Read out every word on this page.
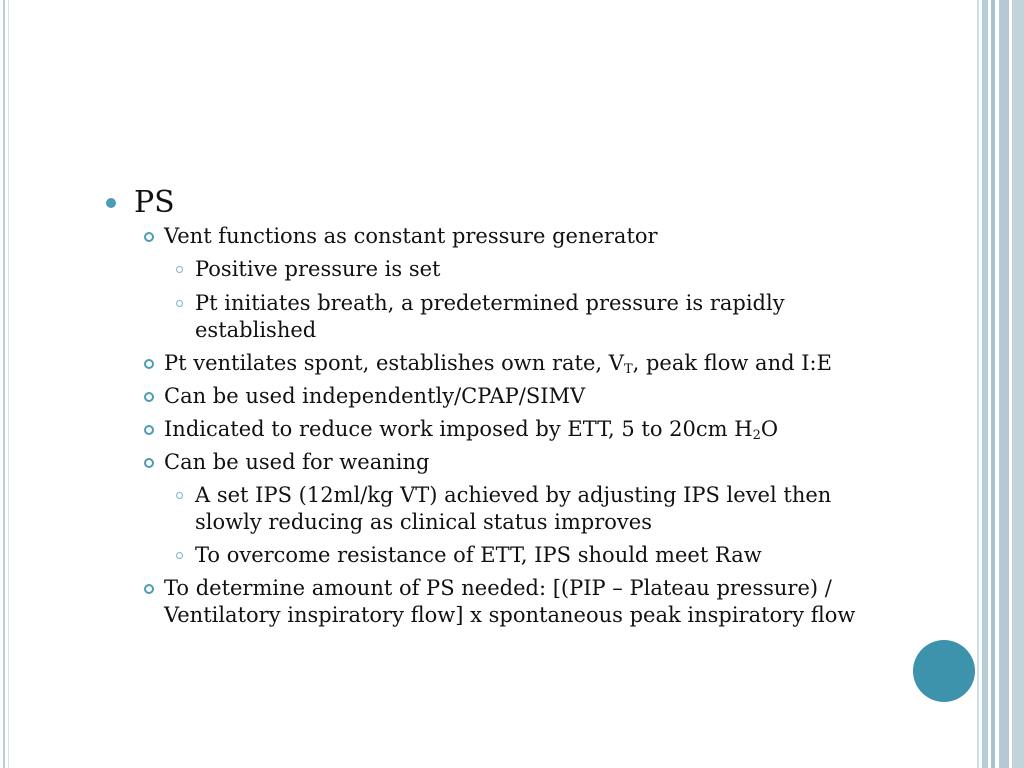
PS
Vent functions as constant pressure generator
Positive pressure is set
Pt initiates breath, a predetermined pressure is rapidly established
Pt ventilates spont, establishes own rate, $V_T$, peak flow and I:E
Can be used independently/CPAP/SIMV
Indicated to reduce work imposed by ETT, 5 to 20cm $H_2O$
Can be used for weaning
A set IPS (12ml/kg VT) achieved by adjusting IPS level then slowly reducing as clinical status improves
To overcome resistance of ETT, IPS should meet Raw
To determine amount of PS needed: [(PIP – Plateau pressure) / Ventilatory inspiratory flow] x spontaneous peak inspiratory flow
